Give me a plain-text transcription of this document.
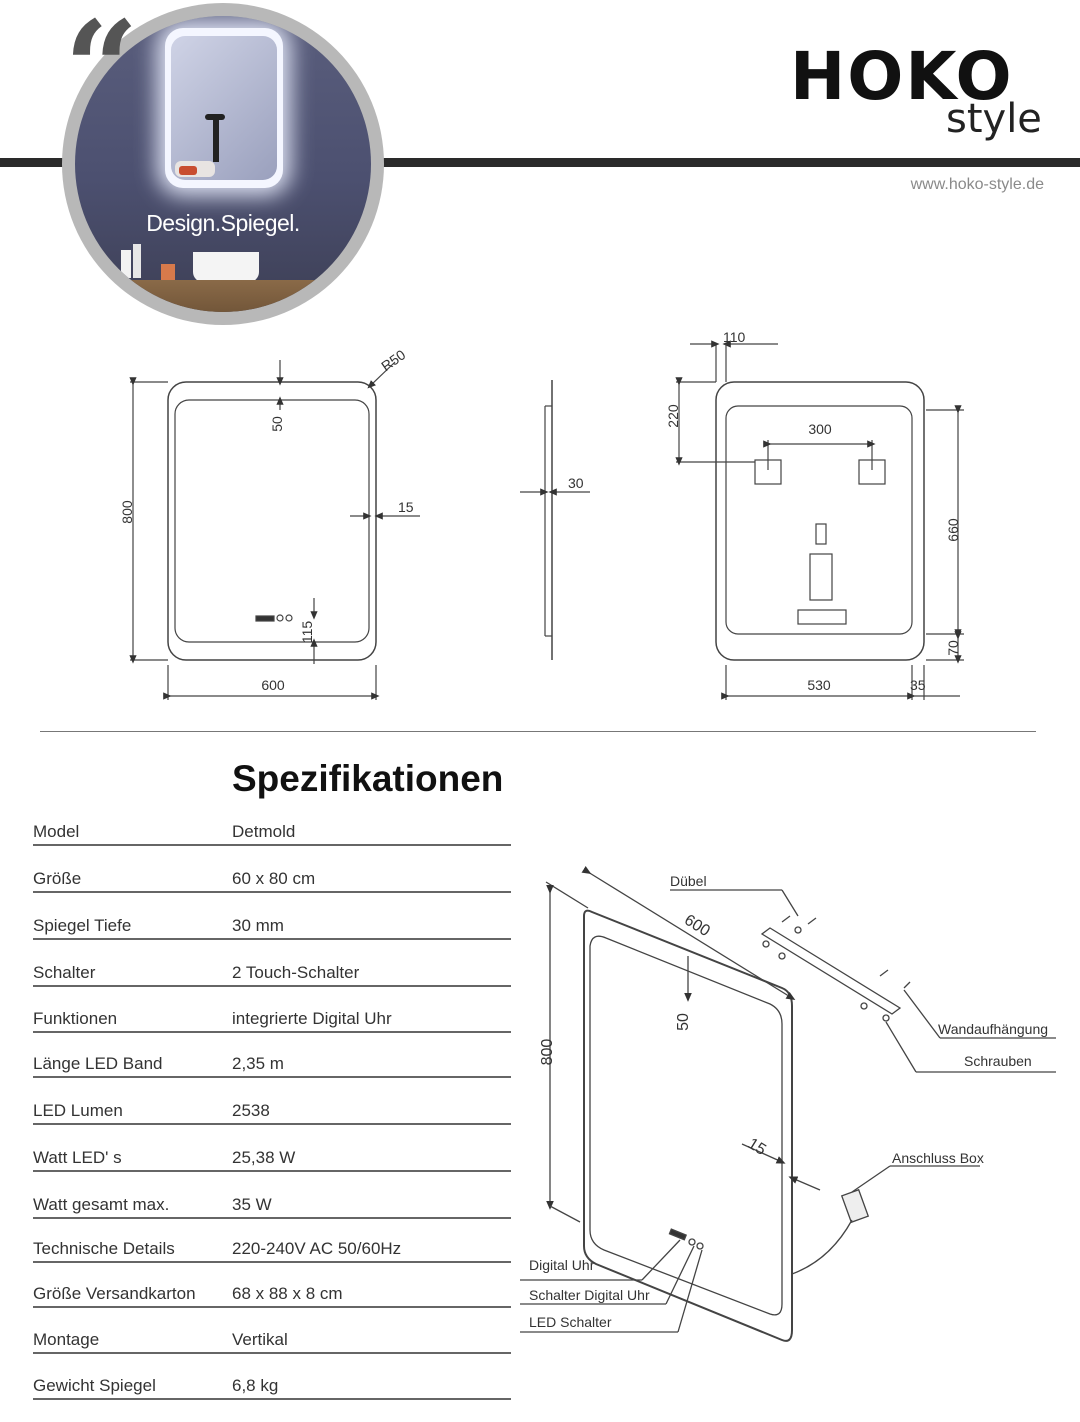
Design.Spiegel.
“	HOKO
style
www.hoko-style.de
R50
50
15
800
600
115
30
110
220
300
660
70
530	35
Spezifikationen
Model	Detmold
Größe	60 x 80 cm
Spiegel Tiefe	30 mm
Schalter	2 Touch-Schalter
Funktionen	integrierte Digital Uhr
Länge LED Band	2,35 m
LED Lumen	2538
Watt LED' s	25,38 W
Watt gesamt max.	35 W
Technische Details	220-240V AC 50/60Hz
Größe Versandkarton 68 x 88 x 8 cm
Montage	Vertikal
Gewicht Spiegel	6,8 kg
600
800
50
15
Dübel
Wandaufhängung
Schrauben
Anschluss Box
Digital Uhr
Schalter Digital Uhr
LED Schalter
